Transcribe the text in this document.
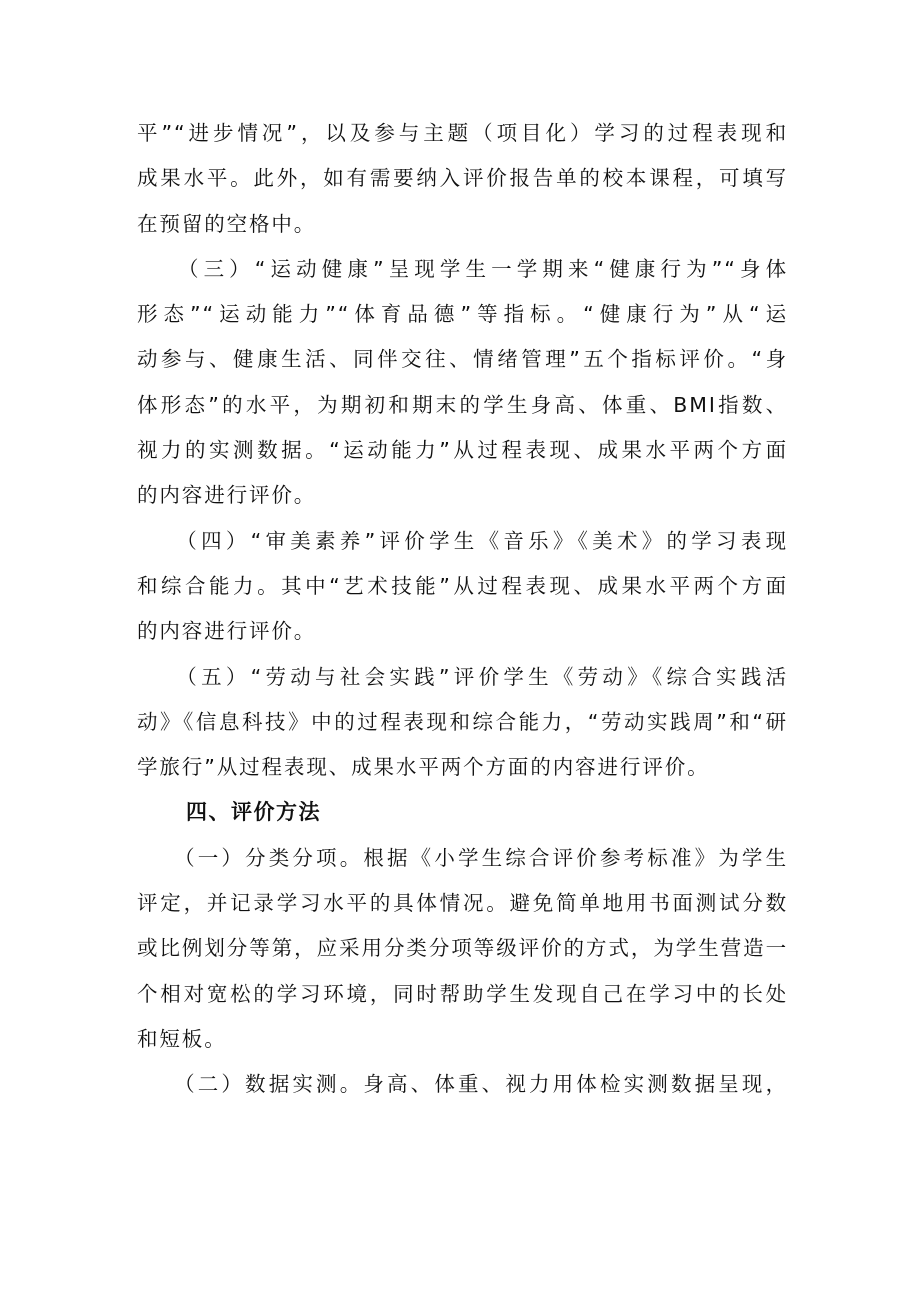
平”“进步情况”，以及参与主题（项目化）学习的过程表现和
成果水平。此外，如有需要纳入评价报告单的校本课程，可填写
在预留的空格中。
　　（三）“运动健康”呈现学生一学期来“健康行为”“身体
形态”“运动能力”“体育品德”等指标。“健康行为”从“运
动参与、健康生活、同伴交往、情绪管理”五个指标评价。“身
体形态”的水平，为期初和期末的学生身高、体重、BMI指数、
视力的实测数据。“运动能力”从过程表现、成果水平两个方面
的内容进行评价。
　　（四）“审美素养”评价学生《音乐》《美术》的学习表现
和综合能力。其中“艺术技能”从过程表现、成果水平两个方面
的内容进行评价。
　　（五）“劳动与社会实践”评价学生《劳动》《综合实践活
动》《信息科技》中的过程表现和综合能力，“劳动实践周”和“研
学旅行”从过程表现、成果水平两个方面的内容进行评价。
四、评价方法
　　（一）分类分项。根据《小学生综合评价参考标准》为学生
评定，并记录学习水平的具体情况。避免简单地用书面测试分数
或比例划分等第，应采用分类分项等级评价的方式，为学生营造一
个相对宽松的学习环境，同时帮助学生发现自己在学习中的长处
和短板。
　　（二）数据实测。身高、体重、视力用体检实测数据呈现，
